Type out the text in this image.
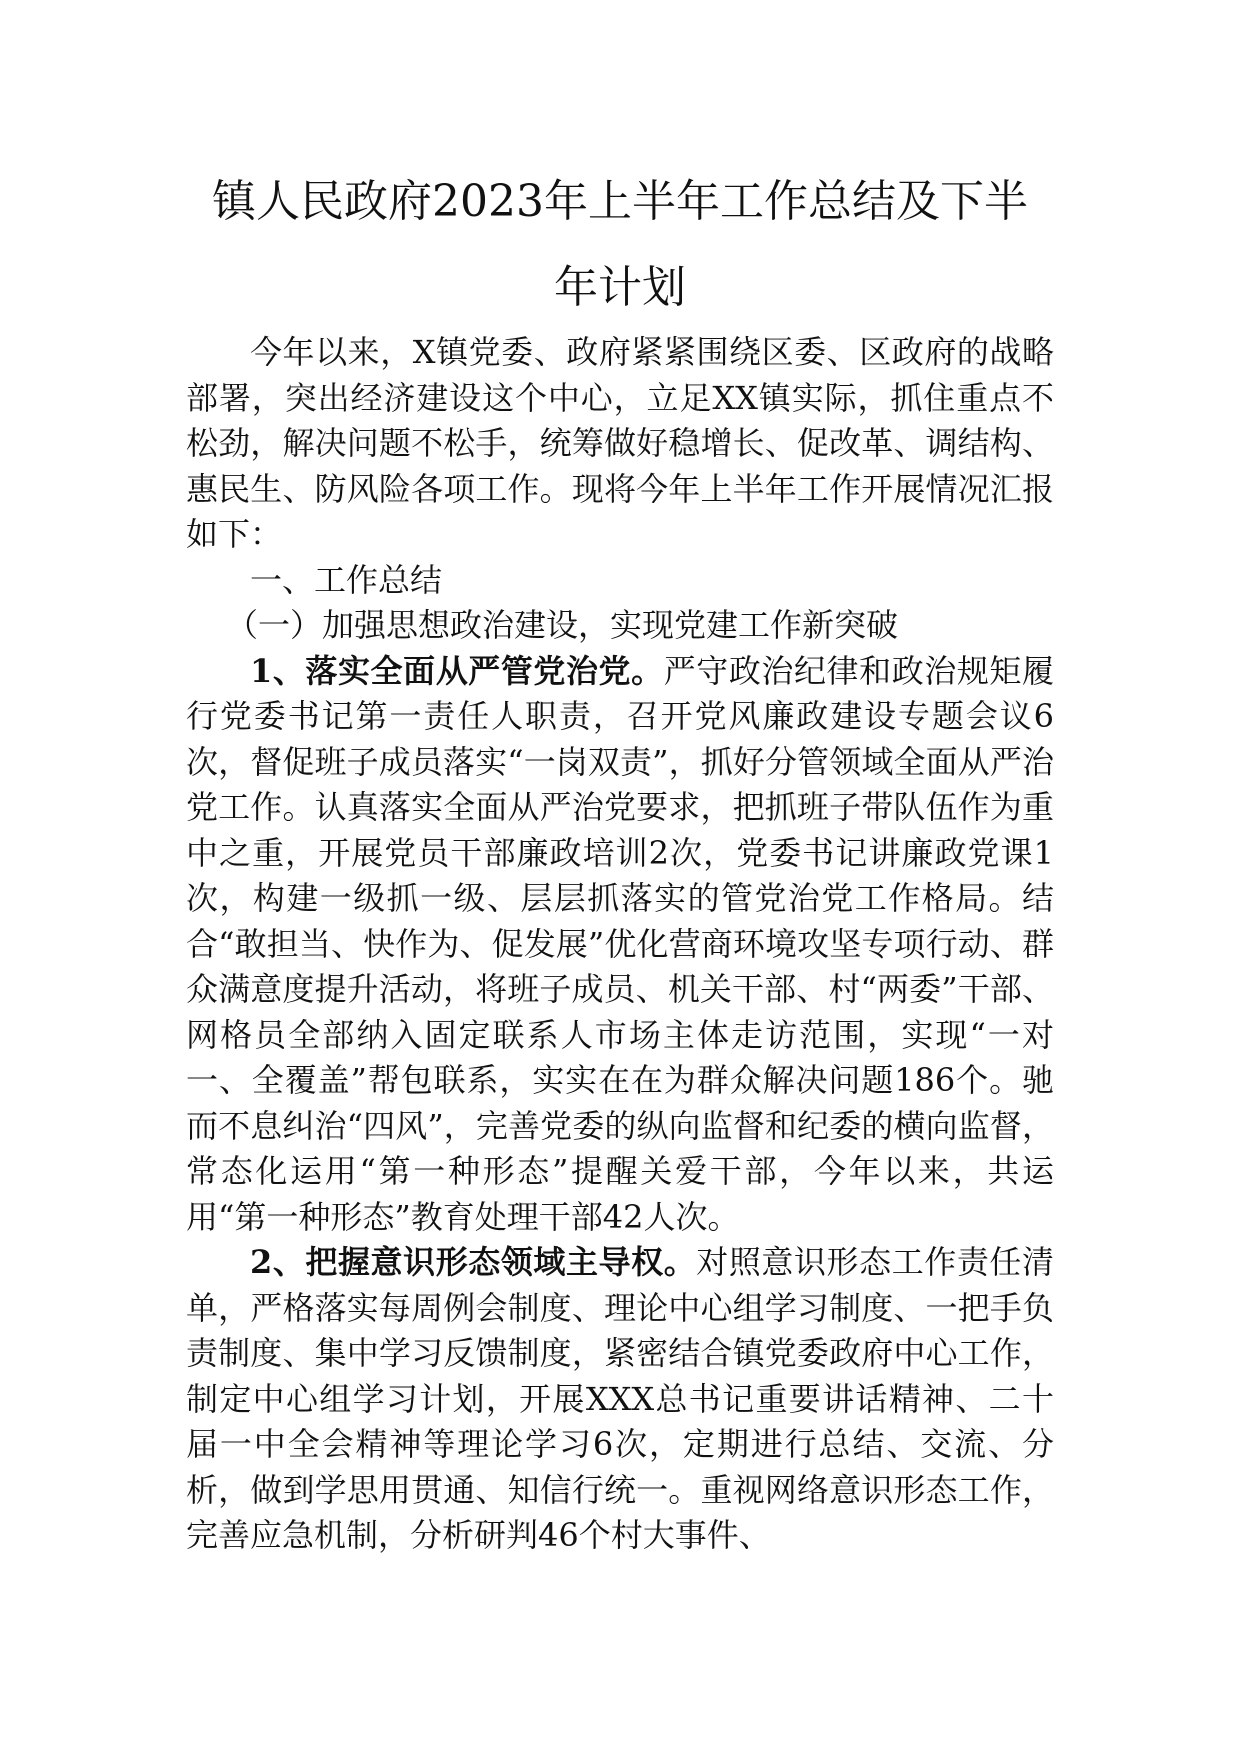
镇人民政府2023年上半年工作总结及下半
年计划

今年以来，X镇党委、政府紧紧围绕区委、区政府的战略部署，突出经济建设这个中心，立足XX镇实际，抓住重点不松劲，解决问题不松手，统筹做好稳增长、促改革、调结构、惠民生、防风险各项工作。现将今年上半年工作开展情况汇报如下：

一、工作总结

（一）加强思想政治建设，实现党建工作新突破

1、落实全面从严管党治党。严守政治纪律和政治规矩履行党委书记第一责任人职责，召开党风廉政建设专题会议6次，督促班子成员落实“一岗双责”，抓好分管领域全面从严治党工作。认真落实全面从严治党要求，把抓班子带队伍作为重中之重，开展党员干部廉政培训2次，党委书记讲廉政党课1次，构建一级抓一级、层层抓落实的管党治党工作格局。结合“敢担当、快作为、促发展”优化营商环境攻坚专项行动、群众满意度提升活动，将班子成员、机关干部、村“两委”干部、网格员全部纳入固定联系人市场主体走访范围，实现“一对一、全覆盖”帮包联系，实实在在为群众解决问题186个。驰而不息纠治“四风”，完善党委的纵向监督和纪委的横向监督，常态化运用“第一种形态”提醒关爱干部，今年以来，共运用“第一种形态”教育处理干部42人次。

2、把握意识形态领域主导权。对照意识形态工作责任清单，严格落实每周例会制度、理论中心组学习制度、一把手负责制度、集中学习反馈制度，紧密结合镇党委政府中心工作，制定中心组学习计划，开展XXX总书记重要讲话精神、二十届一中全会精神等理论学习6次，定期进行总结、交流、分析，做到学思用贯通、知信行统一。重视网络意识形态工作，完善应急机制，分析研判46个村大事件、
